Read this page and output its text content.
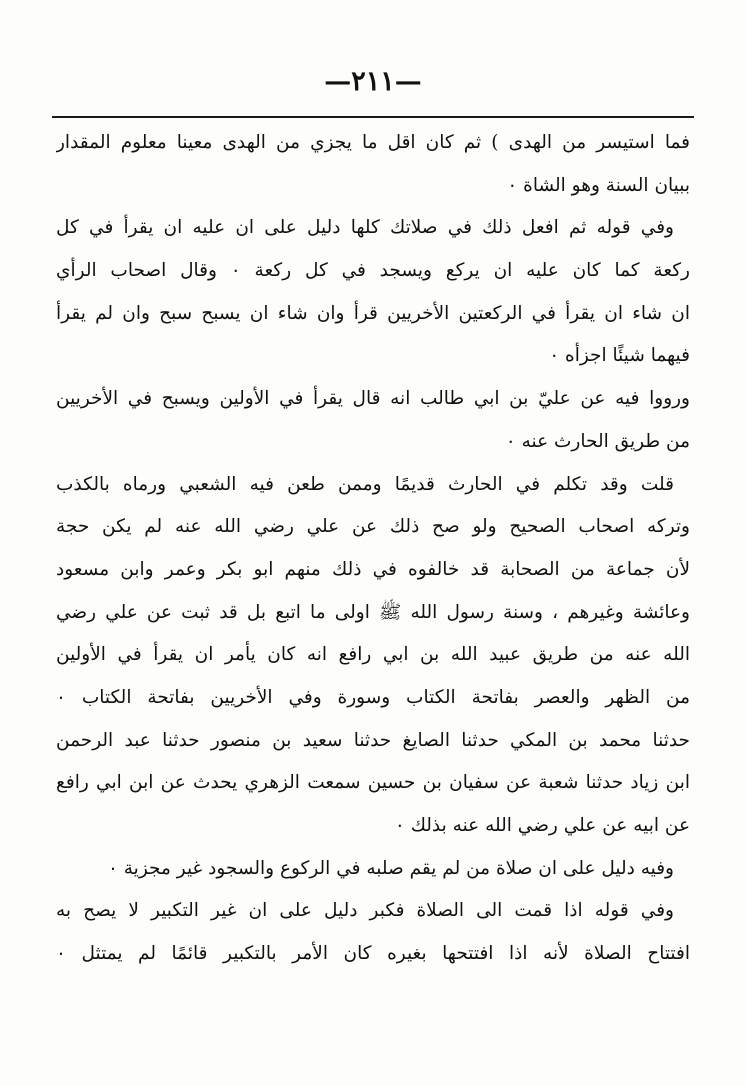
—٢١١—
فما استيسر من الهدى ) ثم كان اقل ما يجزي من الهدى معينا معلوم المقدار
ببيان السنة وهو الشاة ٠
وفي قوله ثم افعل ذلك في صلاتك كلها دليل على ان عليه ان يقرأ في كل
ركعة كما كان عليه ان يركع ويسجد في كل ركعة ٠ وقال اصحاب الرأي
ان شاء ان يقرأ في الركعتين الأخريين قرأ وان شاء ان يسبح سبح وان لم يقرأ
فيهما شيئًا اجزأه ٠
ورووا فيه عن عليّ بن ابي طالب انه قال يقرأ في الأولين ويسبح في الأخريين
من طريق الحارث عنه ٠
قلت وقد تكلم في الحارث قديمًا وممن طعن فيه الشعبي ورماه بالكذب
وتركه اصحاب الصحيح ولو صح ذلك عن علي رضي الله عنه لم يكن حجة
لأن جماعة من الصحابة قد خالفوه في ذلك منهم ابو بكر وعمر وابن مسعود
وعائشة وغيرهم ، وسنة رسول الله ﷺ اولى ما اتبع بل قد ثبت عن علي رضي
الله عنه من طريق عبيد الله بن ابي رافع انه كان يأمر ان يقرأ في الأولين
من الظهر والعصر بفاتحة الكتاب وسورة وفي الأخريين بفاتحة الكتاب ٠
حدثنا محمد بن المكي حدثنا الصايغ حدثنا سعيد بن منصور حدثنا عبد الرحمن
ابن زياد حدثنا شعبة عن سفيان بن حسين سمعت الزهري يحدث عن ابن ابي رافع
عن ابيه عن علي رضي الله عنه بذلك ٠
وفيه دليل على ان صلاة من لم يقم صلبه في الركوع والسجود غير مجزية ٠
وفي قوله اذا قمت الى الصلاة فكبر دليل على ان غير التكبير لا يصح به
افتتاح الصلاة لأنه اذا افتتحها بغيره كان الأمر بالتكبير قائمًا لم يمتثل ٠
